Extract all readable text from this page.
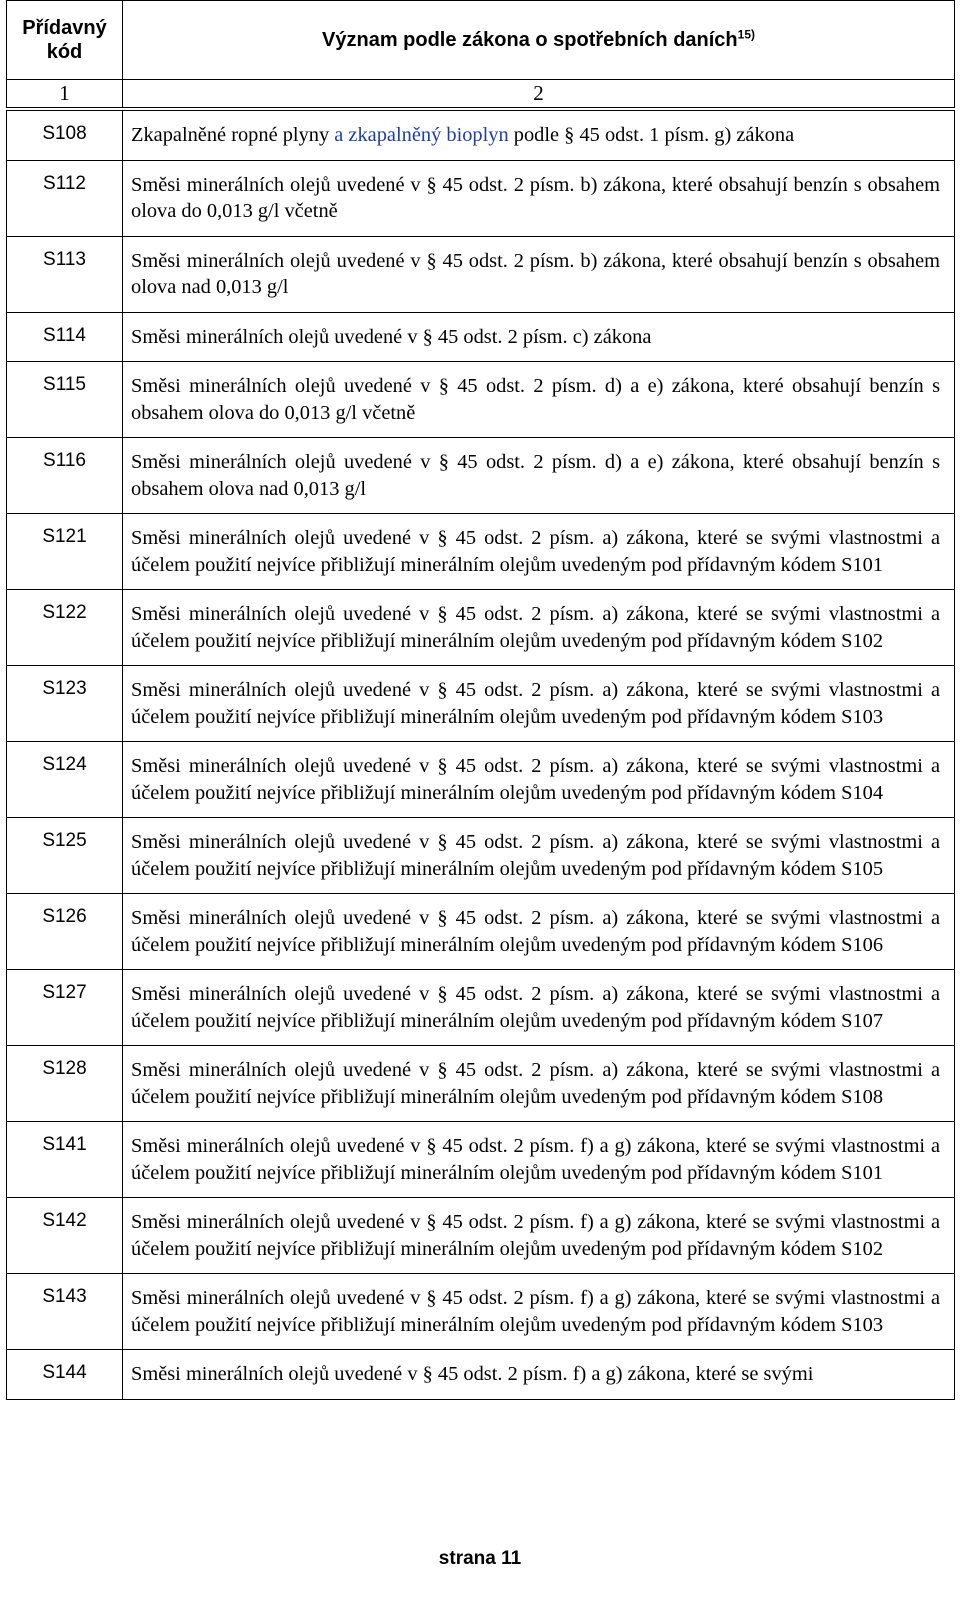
Přídavný kód	Význam podle zákona o spotřebních daních$^{15)}$
1	2
S108	Zkapalněné ropné plyny a zkapalněný bioplyn podle § 45 odst. 1 písm. g) zákona
S112	Směsi minerálních olejů uvedené v § 45 odst. 2 písm. b) zákona, které obsahují benzín s obsahem olova do 0,013 g/l včetně
S113	Směsi minerálních olejů uvedené v § 45 odst. 2 písm. b) zákona, které obsahují benzín s obsahem olova nad 0,013 g/l
S114	Směsi minerálních olejů uvedené v § 45 odst. 2 písm. c) zákona
S115	Směsi minerálních olejů uvedené v § 45 odst. 2 písm. d) a e) zákona, které obsahují benzín s obsahem olova do 0,013 g/l včetně
S116	Směsi minerálních olejů uvedené v § 45 odst. 2 písm. d) a e) zákona, které obsahují benzín s obsahem olova nad 0,013 g/l
S121	Směsi minerálních olejů uvedené v § 45 odst. 2 písm. a) zákona, které se svými vlastnostmi a účelem použití nejvíce přibližují minerálním olejům uvedeným pod přídavným kódem S101
S122	Směsi minerálních olejů uvedené v § 45 odst. 2 písm. a) zákona, které se svými vlastnostmi a účelem použití nejvíce přibližují minerálním olejům uvedeným pod přídavným kódem S102
S123	Směsi minerálních olejů uvedené v § 45 odst. 2 písm. a) zákona, které se svými vlastnostmi a účelem použití nejvíce přibližují minerálním olejům uvedeným pod přídavným kódem S103
S124	Směsi minerálních olejů uvedené v § 45 odst. 2 písm. a) zákona, které se svými vlastnostmi a účelem použití nejvíce přibližují minerálním olejům uvedeným pod přídavným kódem S104
S125	Směsi minerálních olejů uvedené v § 45 odst. 2 písm. a) zákona, které se svými vlastnostmi a účelem použití nejvíce přibližují minerálním olejům uvedeným pod přídavným kódem S105
S126	Směsi minerálních olejů uvedené v § 45 odst. 2 písm. a) zákona, které se svými vlastnostmi a účelem použití nejvíce přibližují minerálním olejům uvedeným pod přídavným kódem S106
S127	Směsi minerálních olejů uvedené v § 45 odst. 2 písm. a) zákona, které se svými vlastnostmi a účelem použití nejvíce přibližují minerálním olejům uvedeným pod přídavným kódem S107
S128	Směsi minerálních olejů uvedené v § 45 odst. 2 písm. a) zákona, které se svými vlastnostmi a účelem použití nejvíce přibližují minerálním olejům uvedeným pod přídavným kódem S108
S141	Směsi minerálních olejů uvedené v § 45 odst. 2 písm. f) a g) zákona, které se svými vlastnostmi a účelem použití nejvíce přibližují minerálním olejům uvedeným pod přídavným kódem S101
S142	Směsi minerálních olejů uvedené v § 45 odst. 2 písm. f) a g) zákona, které se svými vlastnostmi a účelem použití nejvíce přibližují minerálním olejům uvedeným pod přídavným kódem S102
S143	Směsi minerálních olejů uvedené v § 45 odst. 2 písm. f) a g) zákona, které se svými vlastnostmi a účelem použití nejvíce přibližují minerálním olejům uvedeným pod přídavným kódem S103
S144	Směsi minerálních olejů uvedené v § 45 odst. 2 písm. f) a g) zákona, které se svými
strana 11
